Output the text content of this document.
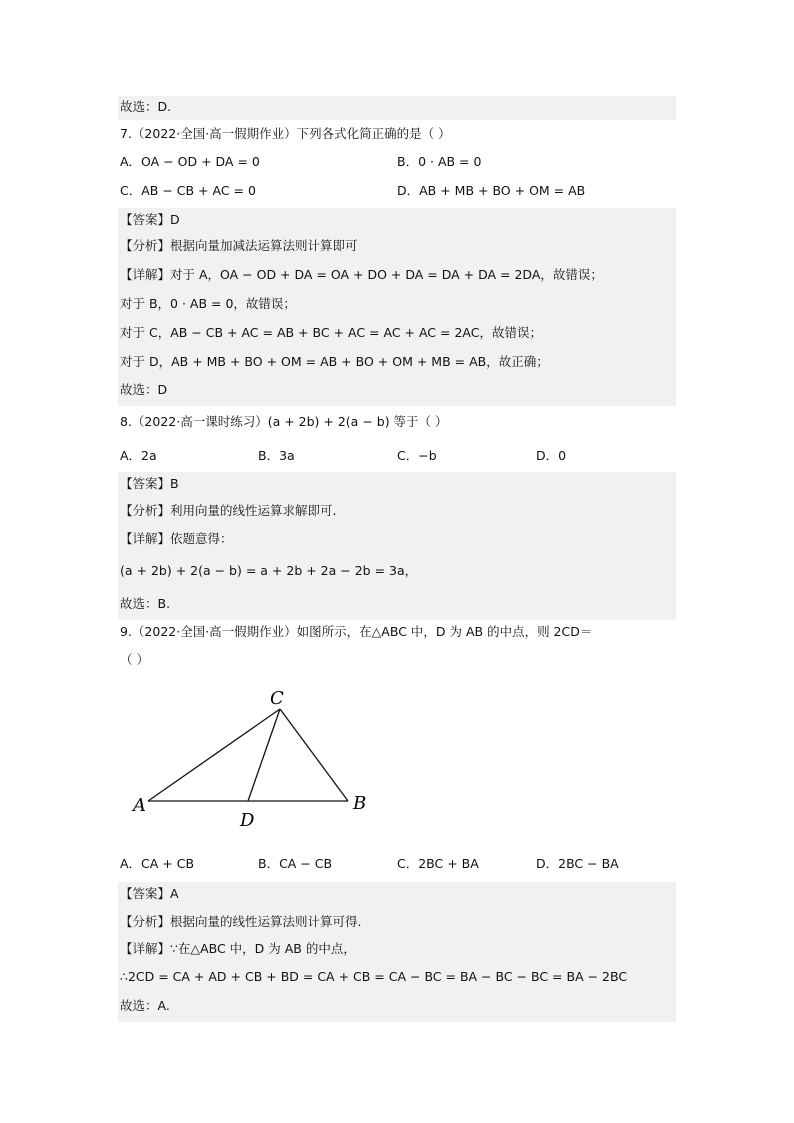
故选：D.
7.（2022·全国·高一假期作业）下列各式化简正确的是（ ）
A．OA − OD + DA = 0	B．0 · AB = 0
C．AB − CB + AC = 0	D．AB + MB + BO + OM = AB
【答案】D
【分析】根据向量加减法运算法则计算即可
【详解】对于 A，OA − OD + DA = OA + DO + DA = DA + DA = 2DA，故错误；
对于 B，0 · AB = 0，故错误；
对于 C，AB − CB + AC = AB + BC + AC = AC + AC = 2AC，故错误；
对于 D，AB + MB + BO + OM = AB + BO + OM + MB = AB，故正确；
故选：D
8.（2022·高一课时练习）(a + 2b) + 2(a − b) 等于（ ）
A．2a	B．3a	C．−b	D．0
【答案】B
【分析】利用向量的线性运算求解即可.
【详解】依题意得：
(a + 2b) + 2(a − b) = a + 2b + 2a − 2b = 3a，
故选：B.
9.（2022·全国·高一假期作业）如图所示，在△ABC 中，D 为 AB 的中点，则 2CD＝
（ ）
C
A	B
D
A．CA + CB	B．CA − CB	C．2BC + BA	D．2BC − BA
【答案】A
【分析】根据向量的线性运算法则计算可得.
【详解】∵在△ABC 中，D 为 AB 的中点，
∴2CD = CA + AD + CB + BD = CA + CB = CA − BC = BA − BC − BC = BA − 2BC
故选：A.
